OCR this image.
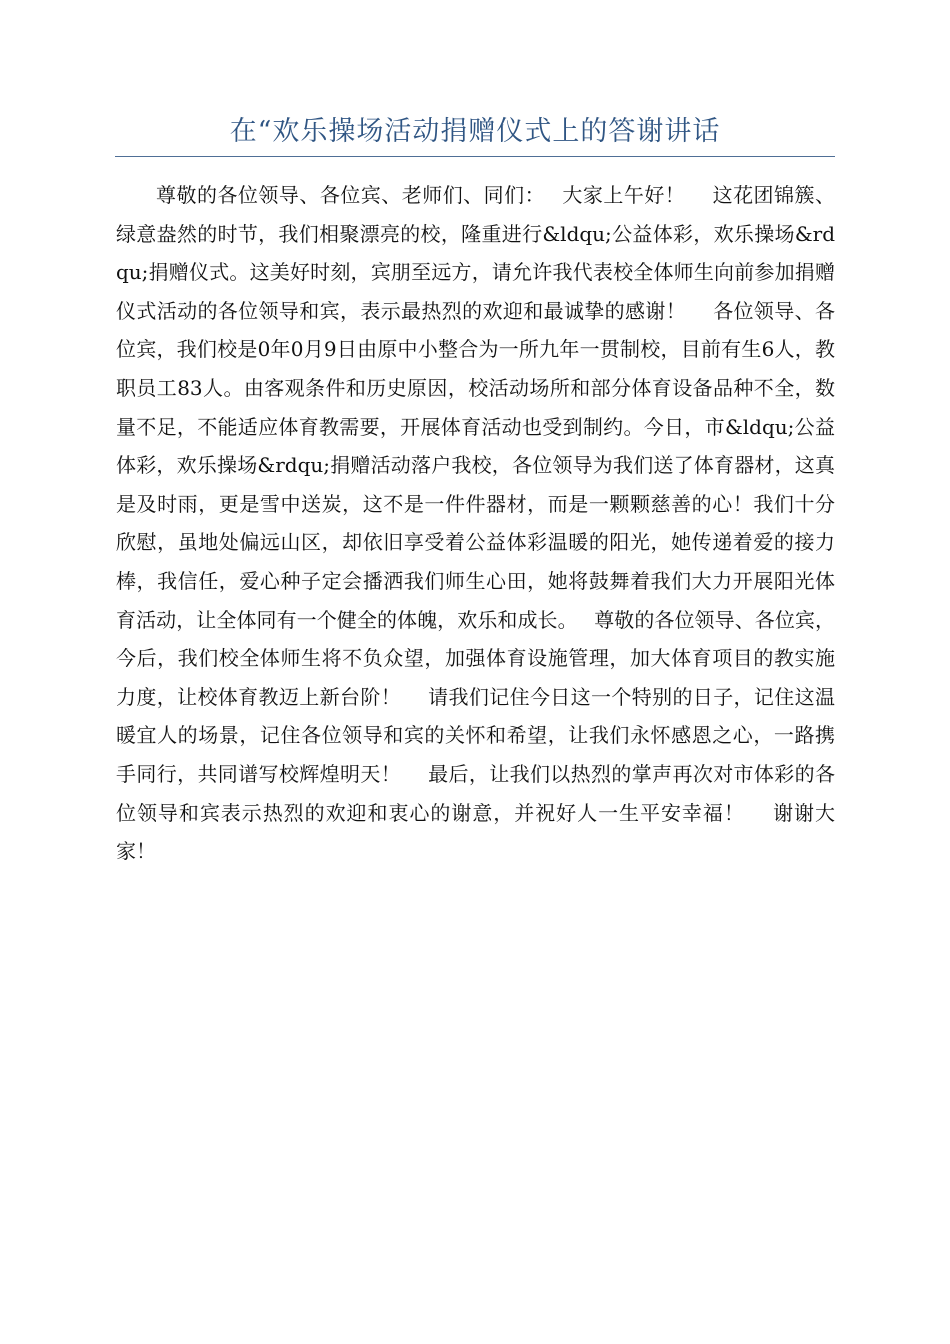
在“欢乐操场活动捐赠仪式上的答谢讲话

尊敬的各位领导、各位宾、老师们、同们：　 大家上午好！　 这花团锦簇、绿意盎然的时节，我们相聚漂亮的校，隆重进行&ldqu;公益体彩，欢乐操场&rdqu;捐赠仪式。这美好时刻，宾朋至远方，请允许我代表校全体师生向前参加捐赠仪式活动的各位领导和宾，表示最热烈的欢迎和最诚挚的感谢！　 各位领导、各位宾，我们校是0年0月9日由原中小整合为一所九年一贯制校，目前有生6人，教职员工83人。由客观条件和历史原因，校活动场所和部分体育设备品种不全，数量不足，不能适应体育教需要，开展体育活动也受到制约。今日，市&ldqu;公益体彩，欢乐操场&rdqu;捐赠活动落户我校，各位领导为我们送了体育器材，这真是及时雨，更是雪中送炭，这不是一件件器材，而是一颗颗慈善的心！我们十分欣慰，虽地处偏远山区，却依旧享受着公益体彩温暖的阳光，她传递着爱的接力棒，我信任，爱心种子定会播洒我们师生心田，她将鼓舞着我们大力开展阳光体育活动，让全体同有一个健全的体魄，欢乐和成长。　 尊敬的各位领导、各位宾，今后，我们校全体师生将不负众望，加强体育设施管理，加大体育项目的教实施力度，让校体育教迈上新台阶！　 请我们记住今日这一个特别的日子，记住这温暖宜人的场景，记住各位领导和宾的关怀和希望，让我们永怀感恩之心，一路携手同行，共同谱写校辉煌明天！　 最后，让我们以热烈的掌声再次对市体彩的各位领导和宾表示热烈的欢迎和衷心的谢意，并祝好人一生平安幸福！　 谢谢大家！
